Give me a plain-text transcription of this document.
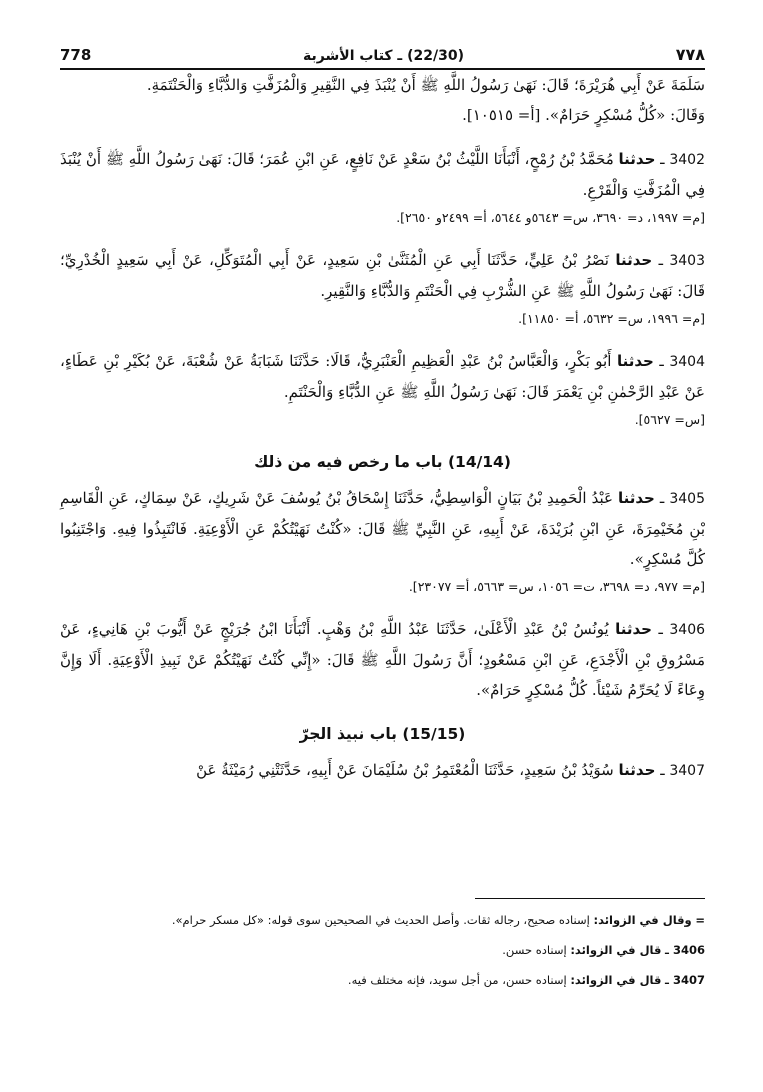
778	(22/30) ـ كتاب الأشربة	٧٧٨

سَلَمَةَ عَنْ أَبِي هُرَيْرَةَ؛ قَالَ: نَهَىٰ رَسُولُ اللَّهِ ﷺ أَنْ يُنْبَذَ فِي النَّقِيرِ وَالْمُزَفَّتِ وَالدُّبَّاءِ وَالْحَنْتَمَةِ.

وَقَالَ: «كُلُّ مُسْكِرٍ حَرَامٌ». [أ= ١٠٥١٥].

3402 ـ حدثنا مُحَمَّدُ بْنُ رُمْحٍ، أَنْبَأَنَا اللَّيْثُ بْنُ سَعْدٍ عَنْ نَافِعٍ، عَنِ ابْنِ عُمَرَ؛ قَالَ: نَهَىٰ رَسُولُ اللَّهِ ﷺ أَنْ يُنْبَذَ فِي الْمُزَفَّتِ وَالْقَرْعِ.

[م= ١٩٩٧، د= ٣٦٩٠، س= ٥٦٤٣و ٥٦٤٤، أ= ٢٤٩٩و ٢٦٥٠].

3403 ـ حدثنا نَصْرُ بْنُ عَلِيٍّ، حَدَّثَنَا أَبِي عَنِ الْمُثَنَّىٰ بْنِ سَعِيدٍ، عَنْ أَبِي الْمُتَوَكِّلِ، عَنْ أَبِي سَعِيدٍ الْخُدْرِيِّ؛ قَالَ: نَهَىٰ رَسُولُ اللَّهِ ﷺ عَنِ الشُّرْبِ فِي الْحَنْتَمِ وَالدُّبَّاءِ وَالنَّقِيرِ.

[م= ١٩٩٦، س= ٥٦٣٢، أ= ١١٨٥٠].

3404 ـ حدثنا أَبُو بَكْرٍ، وَالْعَبَّاسُ بْنُ عَبْدِ الْعَظِيمِ الْعَنْبَرِيُّ، قَالَا: حَدَّثَنَا شَبَابَةُ عَنْ شُعْبَةَ، عَنْ بُكَيْرِ بْنِ عَطَاءٍ، عَنْ عَبْدِ الرَّحْمٰنِ بْنِ يَعْمَرَ قَالَ: نَهَىٰ رَسُولُ اللَّهِ ﷺ عَنِ الدُّبَّاءِ وَالْحَنْتَمِ.

[س= ٥٦٢٧].

(14/14) باب ما رخص فيه من ذلك

3405 ـ حدثنا عَبْدُ الْحَمِيدِ بْنُ بَيَانٍ الْوَاسِطِيُّ، حَدَّثَنَا إِسْحَاقُ بْنُ يُوسُفَ عَنْ شَرِيكٍ، عَنْ سِمَاكٍ، عَنِ الْقَاسِمِ بْنِ مُخَيْمِرَةَ، عَنِ ابْنِ بُرَيْدَةَ، عَنْ أَبِيهِ، عَنِ النَّبِيِّ ﷺ قَالَ: «كُنْتُ نَهَيْتُكُمْ عَنِ الْأَوْعِيَةِ. فَانْتَبِذُوا فِيهِ. وَاجْتَنِبُوا كُلَّ مُسْكِرٍ».

[م= ٩٧٧، د= ٣٦٩٨، ت= ١٠٥٦، س= ٥٦٦٣، أ= ٢٣٠٧٧].

3406 ـ حدثنا يُونُسُ بْنُ عَبْدِ الْأَعْلَىٰ، حَدَّثَنَا عَبْدُ اللَّهِ بْنُ وَهْبٍ. أَنْبَأَنَا ابْنُ جُرَيْجٍ عَنْ أَيُّوبَ بْنِ هَانِيءٍ، عَنْ مَسْرُوقِ بْنِ الْأَجْدَعِ، عَنِ ابْنِ مَسْعُودٍ؛ أَنَّ رَسُولَ اللَّهِ ﷺ قَالَ: «إِنِّي كُنْتُ نَهَيْتُكُمْ عَنْ نَبِيذِ الْأَوْعِيَةِ. أَلَا وَإِنَّ وِعَاءً لَا يُحَرِّمُ شَيْئاً. كُلُّ مُسْكِرٍ حَرَامٌ».

(15/15) باب نبيذ الجرّ

3407 ـ حدثنا سُوَيْدُ بْنُ سَعِيدٍ، حَدَّثَنَا الْمُعْتَمِرُ بْنُ سُلَيْمَانَ عَنْ أَبِيهِ، حَدَّثَتْنِي رُمَيْثَةُ عَنْ

= وقال في الزوائد: إسناده صحيح، رجاله ثقات. وأصل الحديث في الصحيحين سوى قوله: «كل مسكر حرام».
3406 ـ قال في الزوائد: إسناده حسن.
3407 ـ قال في الزوائد: إسناده حسن، من أجل سويد، فإنه مختلف فيه.
